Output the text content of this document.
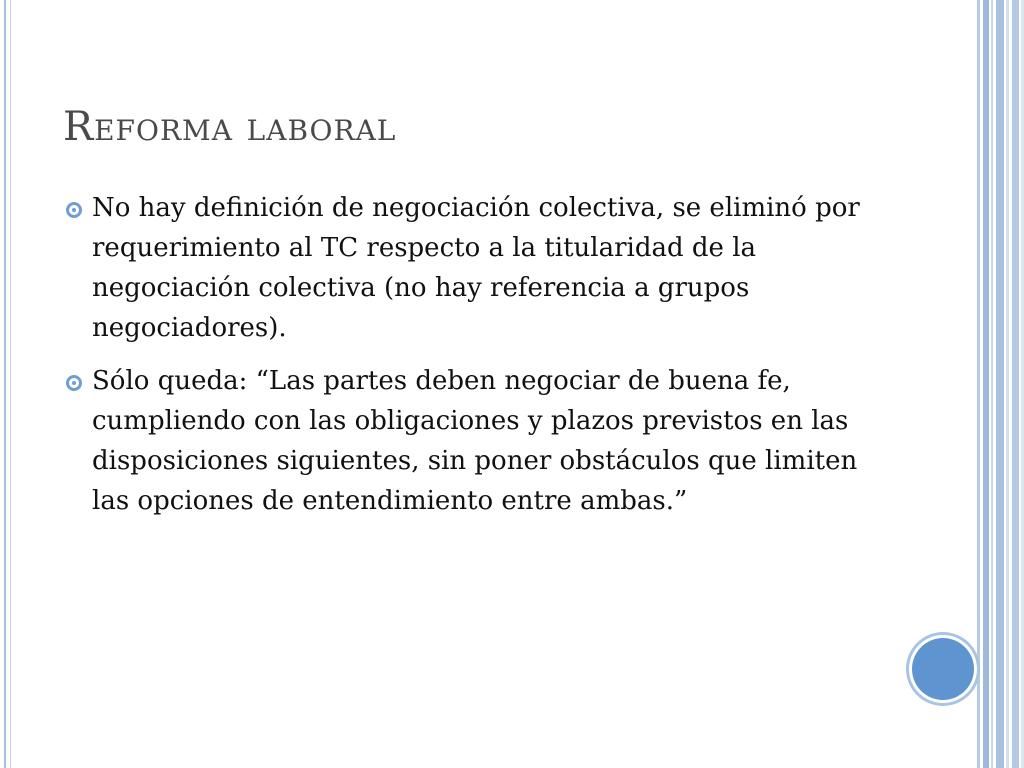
Reforma laboral
No hay definición de negociación colectiva, se eliminó por requerimiento al TC respecto a la titularidad de la negociación colectiva (no hay referencia a grupos negociadores).
Sólo queda: “Las partes deben negociar de buena fe, cumpliendo con las obligaciones y plazos previstos en las disposiciones siguientes, sin poner obstáculos que limiten las opciones de entendimiento entre ambas.”
